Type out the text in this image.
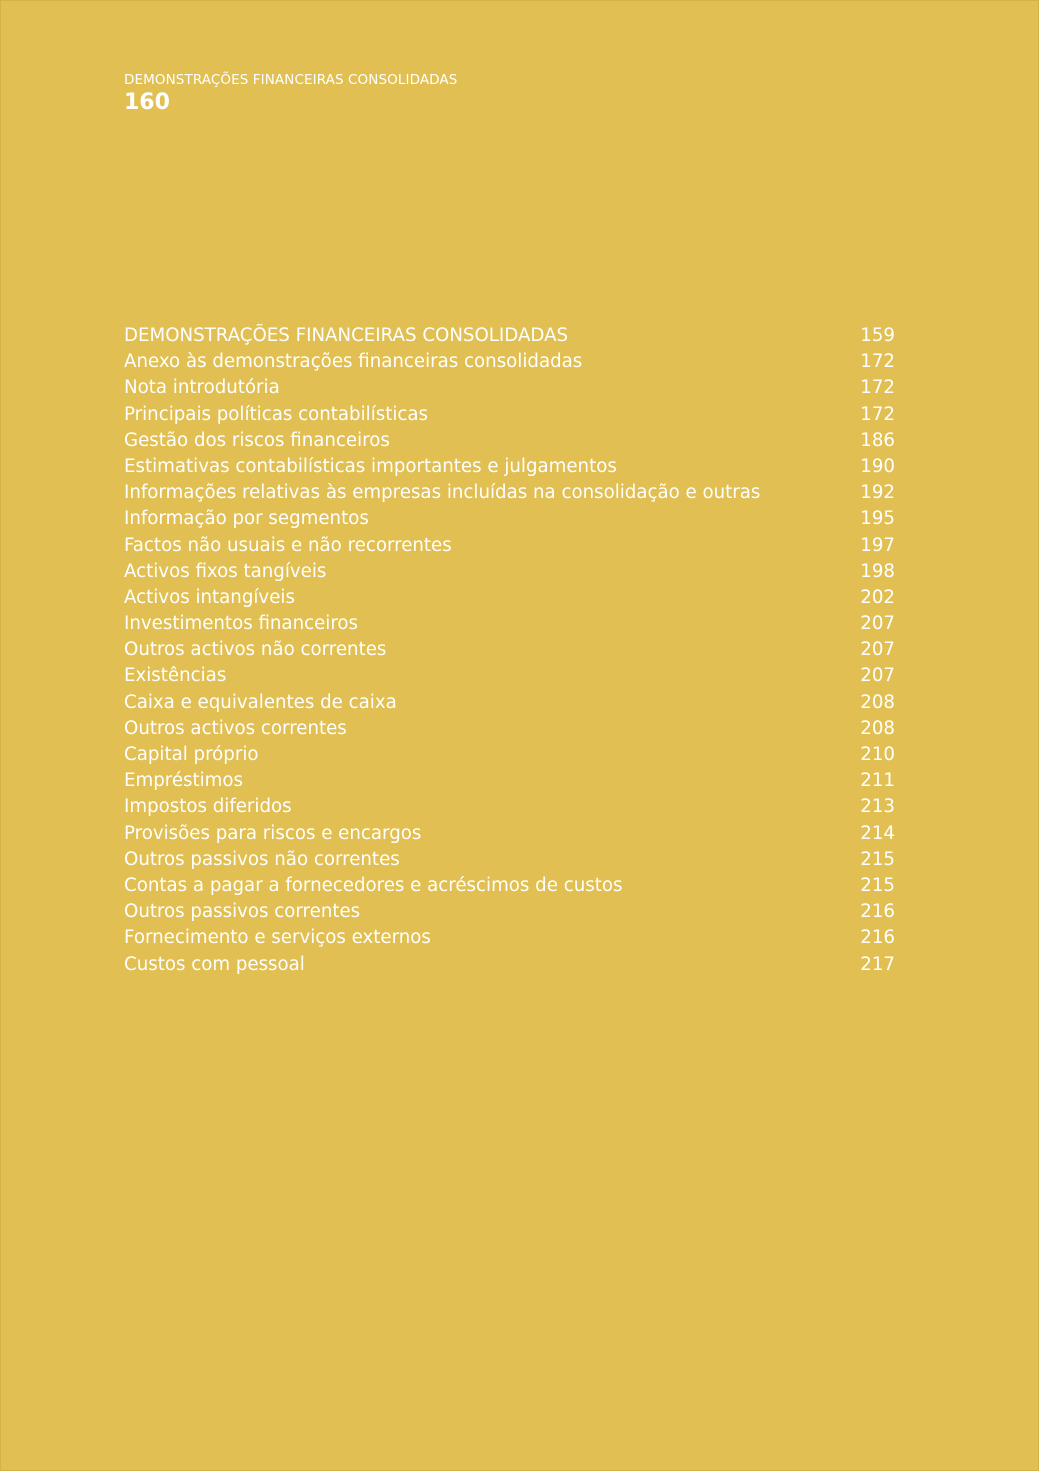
DEMONSTRAÇÕES FINANCEIRAS CONSOLIDADAS
160
DEMONSTRAÇÕES FINANCEIRAS CONSOLIDADAS	159
Anexo às demonstrações financeiras consolidadas	172
Nota introdutória	172
Principais políticas contabilísticas	172
Gestão dos riscos financeiros	186
Estimativas contabilísticas importantes e julgamentos	190
Informações relativas às empresas incluídas na consolidação e outras	192
Informação por segmentos	195
Factos não usuais e não recorrentes	197
Activos fixos tangíveis	198
Activos intangíveis	202
Investimentos financeiros	207
Outros activos não correntes	207
Existências	207
Caixa e equivalentes de caixa	208
Outros activos correntes	208
Capital próprio	210
Empréstimos	211
Impostos diferidos	213
Provisões para riscos e encargos	214
Outros passivos não correntes	215
Contas a pagar a fornecedores e acréscimos de custos	215
Outros passivos correntes	216
Fornecimento e serviços externos	216
Custos com pessoal	217
